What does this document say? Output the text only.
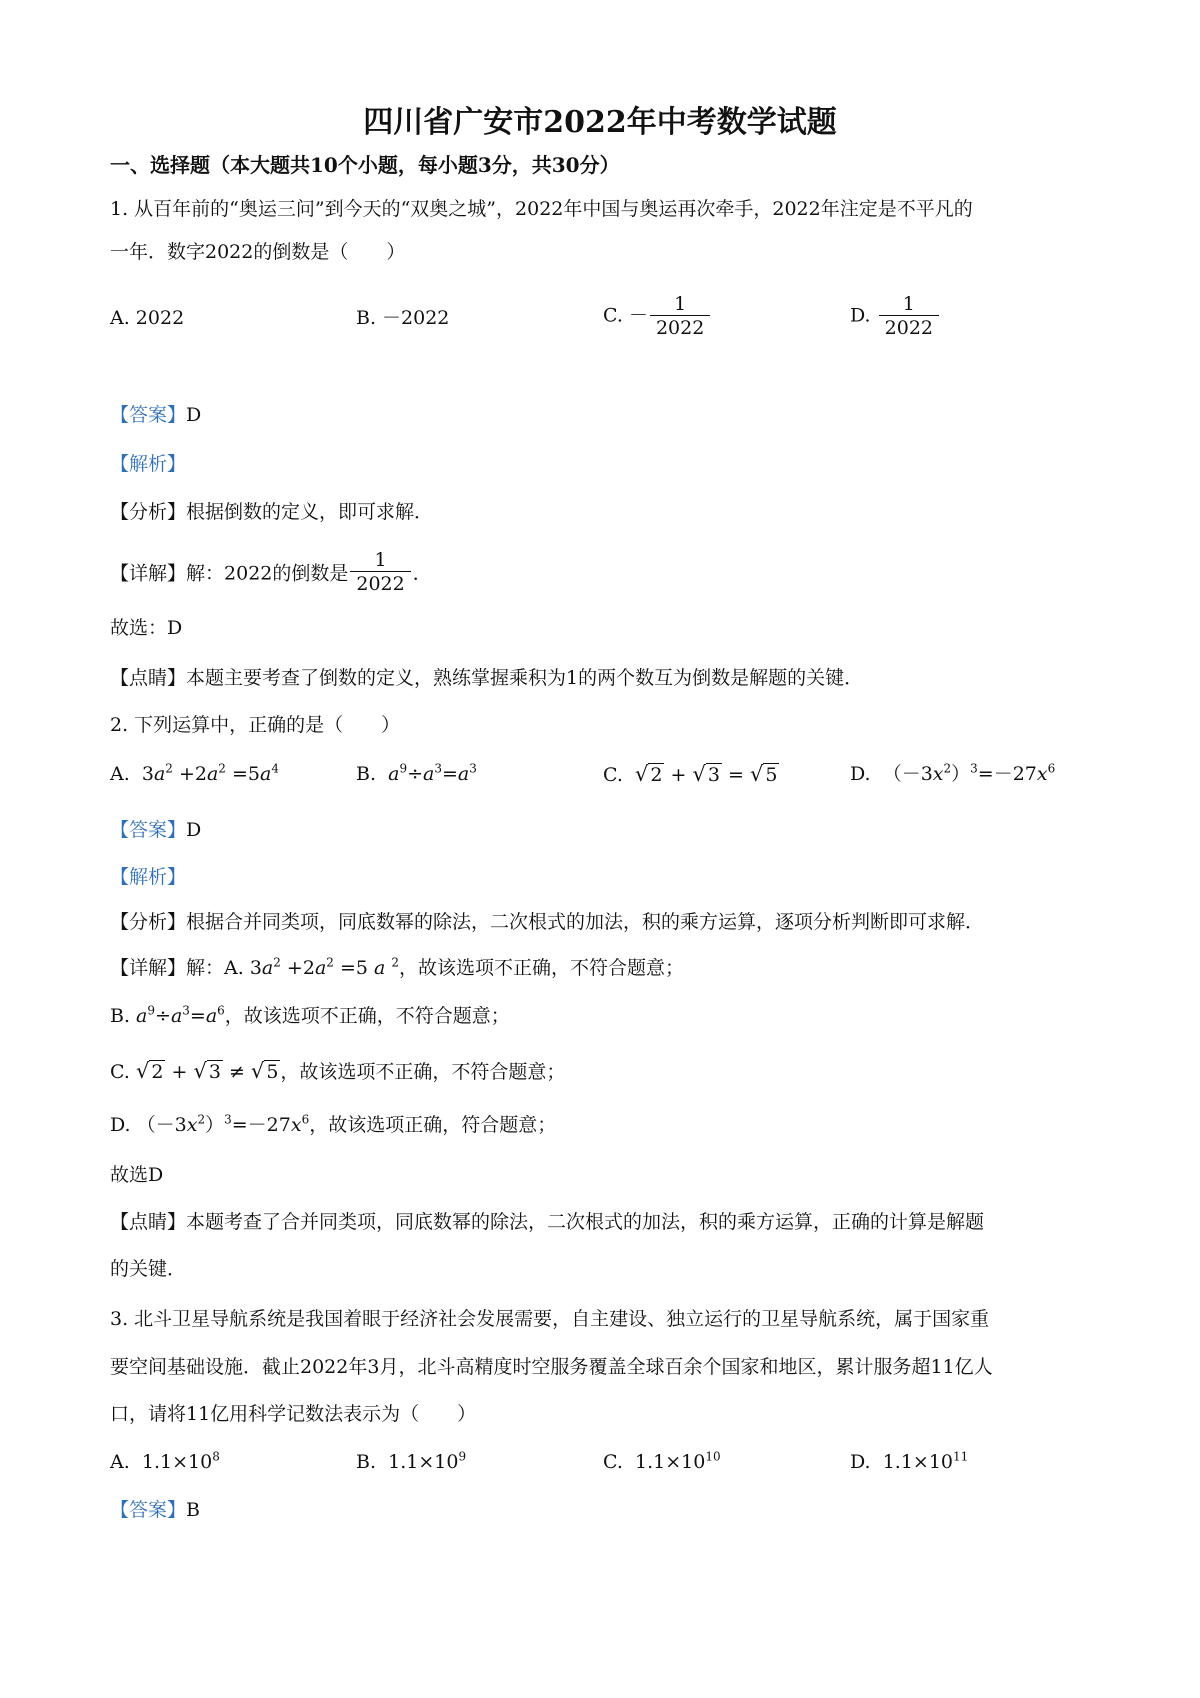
四川省广安市2022年中考数学试题
一、选择题（本大题共10个小题，每小题3分，共30分）
1. 从百年前的“奥运三问”到今天的“双奥之城”，2022年中国与奥运再次牵手，2022年注定是不平凡的
一年．数字2022的倒数是（　　）
A. 2022	B. －2022	C. － $\frac{1}{2022}$	D. $\frac{1}{2022}$
【答案】D
【解析】
【分析】根据倒数的定义，即可求解．
【详解】解：2022的倒数是 $\frac{1}{2022}$ ．
故选：D
【点睛】本题主要考查了倒数的定义，熟练掌握乘积为1的两个数互为倒数是解题的关键．
2. 下列运算中，正确的是（　　）
A.  $3a^2 +2a^2 =5a^4$	B. $a^9\div a^3=a^3$	C. √ 2 + √ 3 = √ 5	D.  $(-3x^2)^3=-27x^6$
【答案】D
【解析】
【分析】根据合并同类项，同底数幂的除法，二次根式的加法，积的乘方运算，逐项分析判断即可求解．
【详解】解：A. $3a^2 +2a^2 =5$ a $^2$，故该选项不正确，不符合题意；
B. $a^9\div a^3=a^6$，故该选项不正确，不符合题意；
C. √ 2 + √ 3 ≠ √ 5 ，故该选项不正确，不符合题意；
D. $(-3x^2)^3=-27x^6$，故该选项正确，符合题意；
故选D
【点睛】本题考查了合并同类项，同底数幂的除法，二次根式的加法，积的乘方运算，正确的计算是解题
的关键．
3. 北斗卫星导航系统是我国着眼于经济社会发展需要，自主建设、独立运行的卫星导航系统，属于国家重
要空间基础设施．截止2022年3月，北斗高精度时空服务覆盖全球百余个国家和地区，累计服务超11亿人
口，请将11亿用科学记数法表示为（　　）
A. $1.1\times 10^8$	B. $1.1\times 10^9$	C. $1.1\times 10^{10}$	D. $1.1\times 10^{11}$
【答案】B
